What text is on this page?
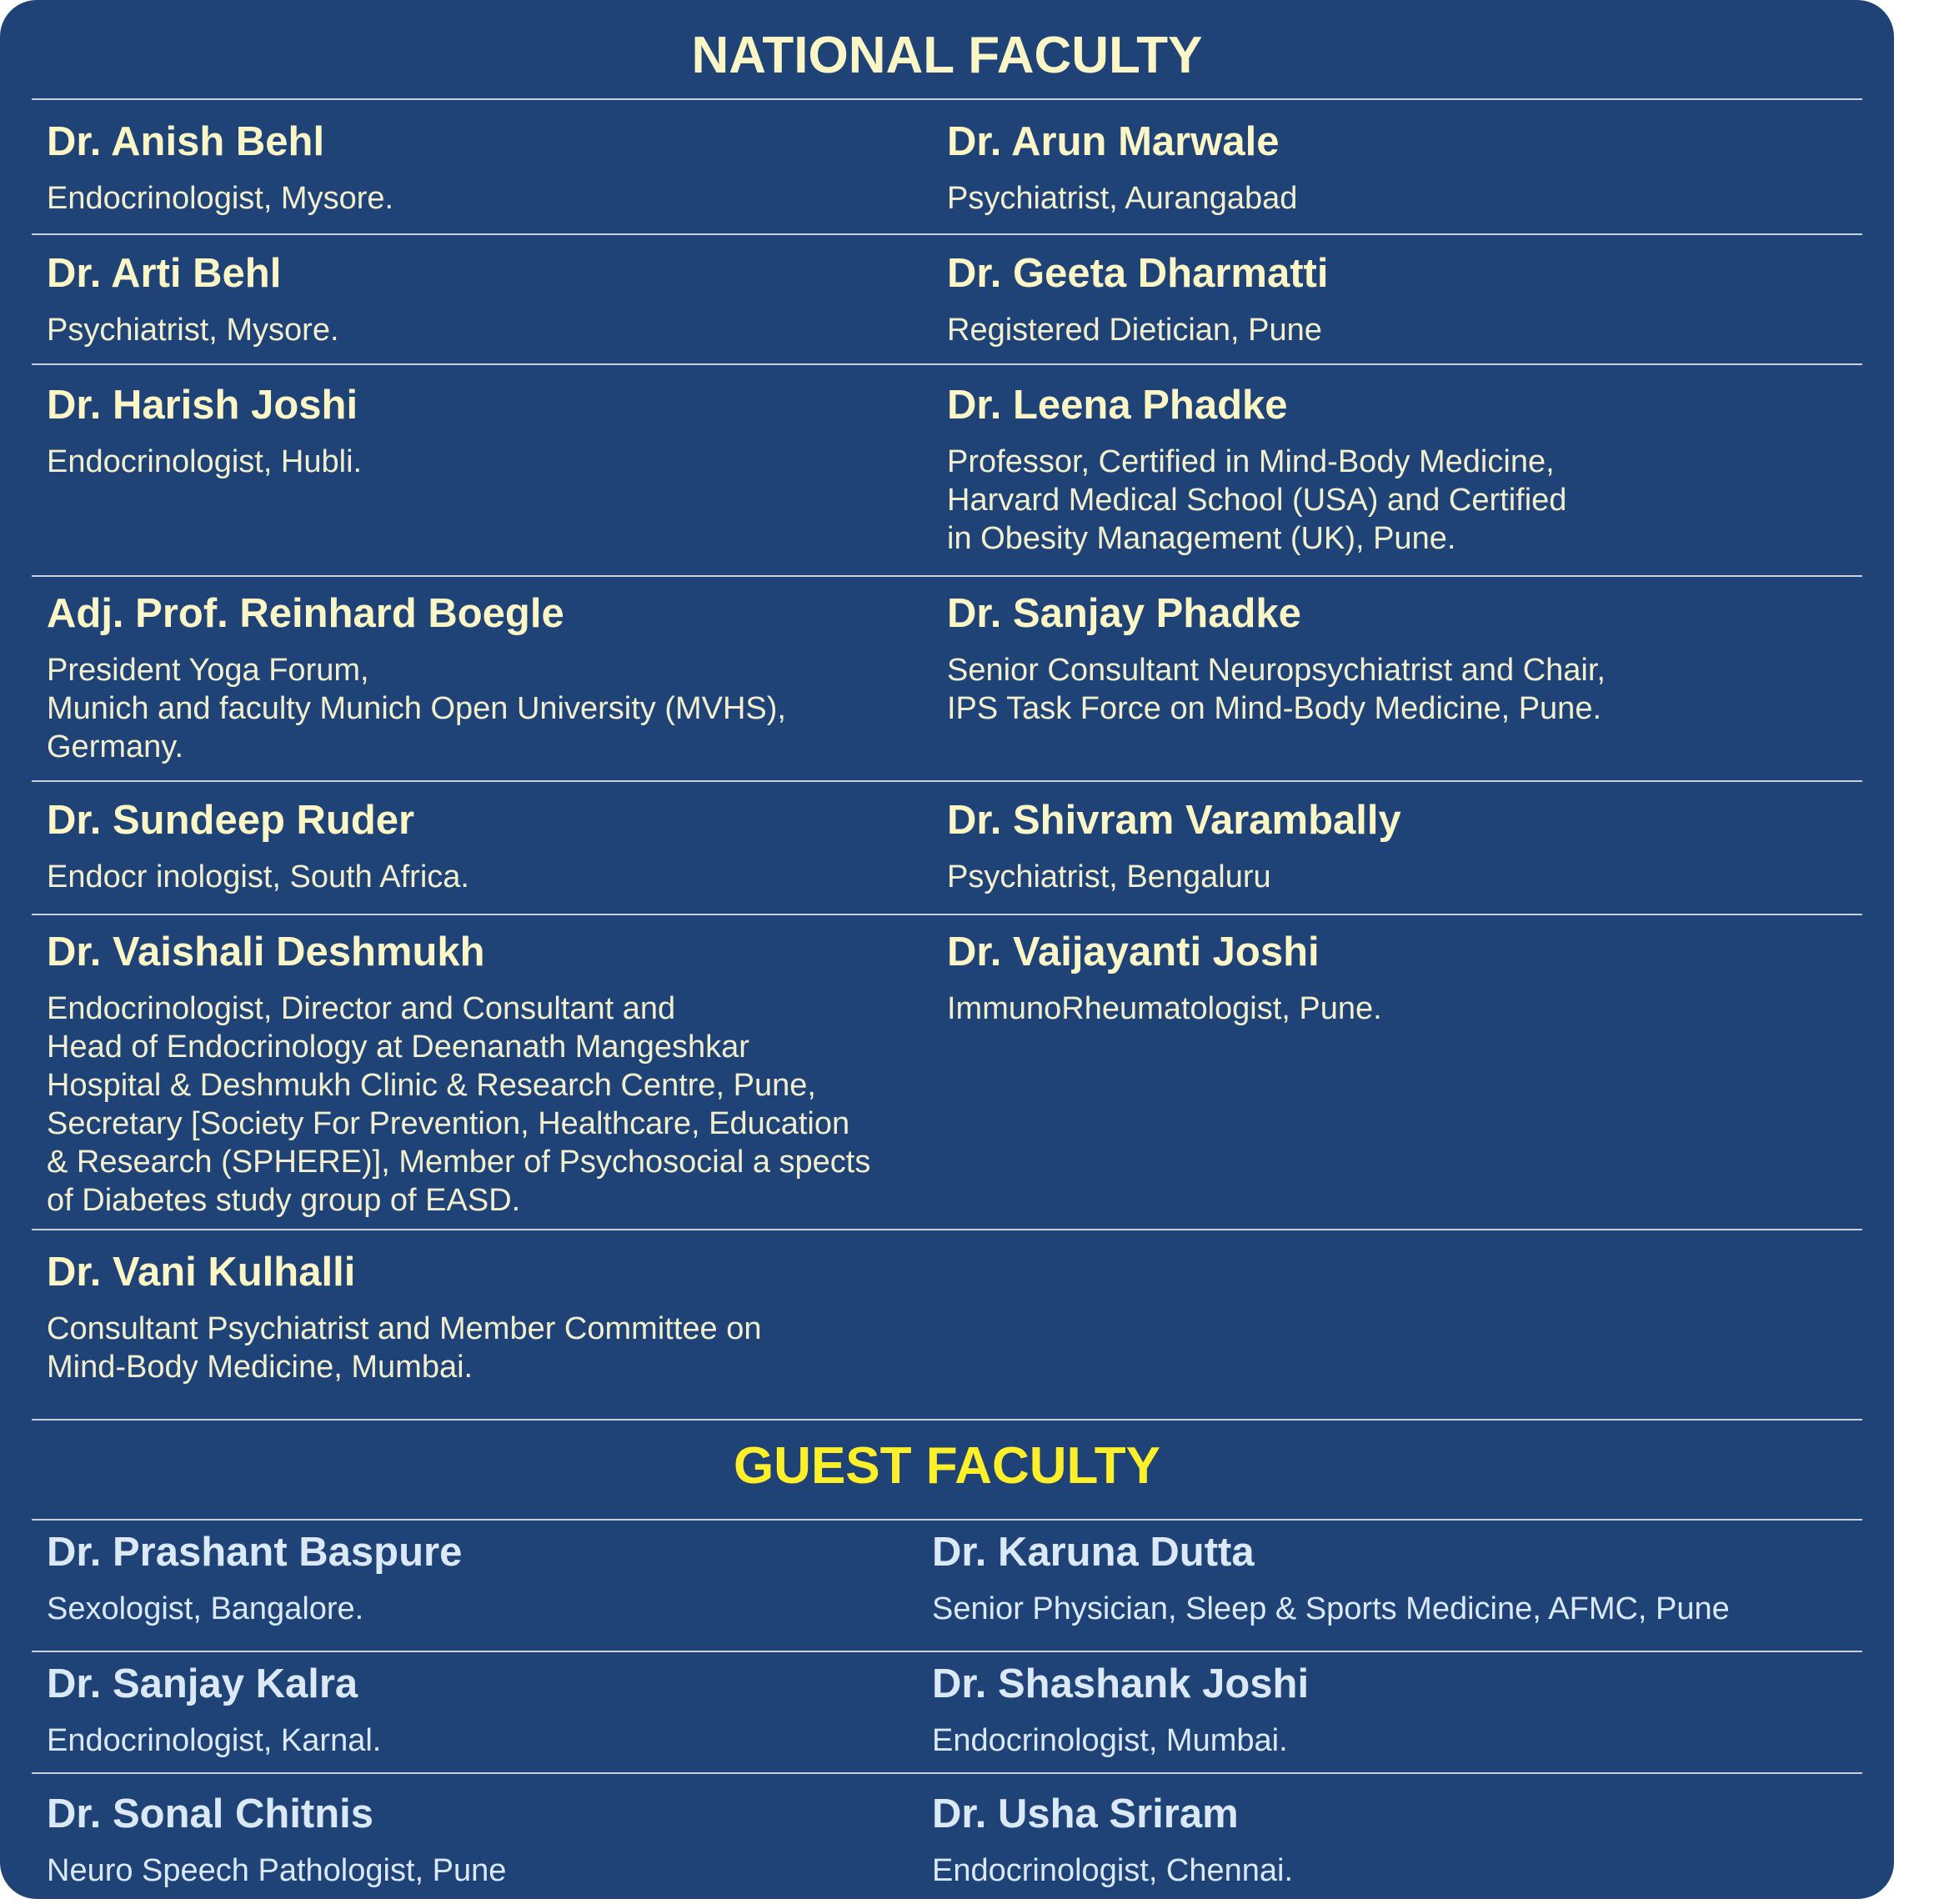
NATIONAL FACULTY
Dr. Anish Behl
Endocrinologist, Mysore.
Dr. Arun Marwale
Psychiatrist, Aurangabad
Dr. Arti Behl
Psychiatrist, Mysore.
Dr. Geeta Dharmatti
Registered Dietician, Pune
Dr. Harish Joshi
Endocrinologist, Hubli.
Dr. Leena Phadke
Professor, Certified in Mind-Body Medicine,
Harvard Medical School (USA) and Certified
in Obesity Management (UK), Pune.
Adj. Prof. Reinhard Boegle
President Yoga Forum,
Munich and faculty Munich Open University (MVHS),
Germany.
Dr. Sanjay Phadke
Senior Consultant Neuropsychiatrist and Chair,
IPS Task Force on Mind-Body Medicine, Pune.
Dr. Sundeep Ruder
Endocr inologist, South Africa.
Dr. Shivram Varambally
Psychiatrist, Bengaluru
Dr. Vaishali Deshmukh
Endocrinologist, Director and Consultant and
Head of Endocrinology at Deenanath Mangeshkar
Hospital & Deshmukh Clinic & Research Centre, Pune,
Secretary [Society For Prevention, Healthcare, Education
& Research (SPHERE)], Member of Psychosocial a spects
of Diabetes study group of EASD.
Dr. Vaijayanti Joshi
ImmunoRheumatologist, Pune.
Dr. Vani Kulhalli
Consultant Psychiatrist and Member Committee on
Mind-Body Medicine, Mumbai.
GUEST FACULTY
Dr. Prashant Baspure
Sexologist, Bangalore.
Dr. Karuna Dutta
Senior Physician, Sleep & Sports Medicine, AFMC, Pune
Dr. Sanjay Kalra
Endocrinologist, Karnal.
Dr. Shashank Joshi
Endocrinologist, Mumbai.
Dr. Sonal Chitnis
Neuro Speech Pathologist, Pune
Dr. Usha Sriram
Endocrinologist, Chennai.
